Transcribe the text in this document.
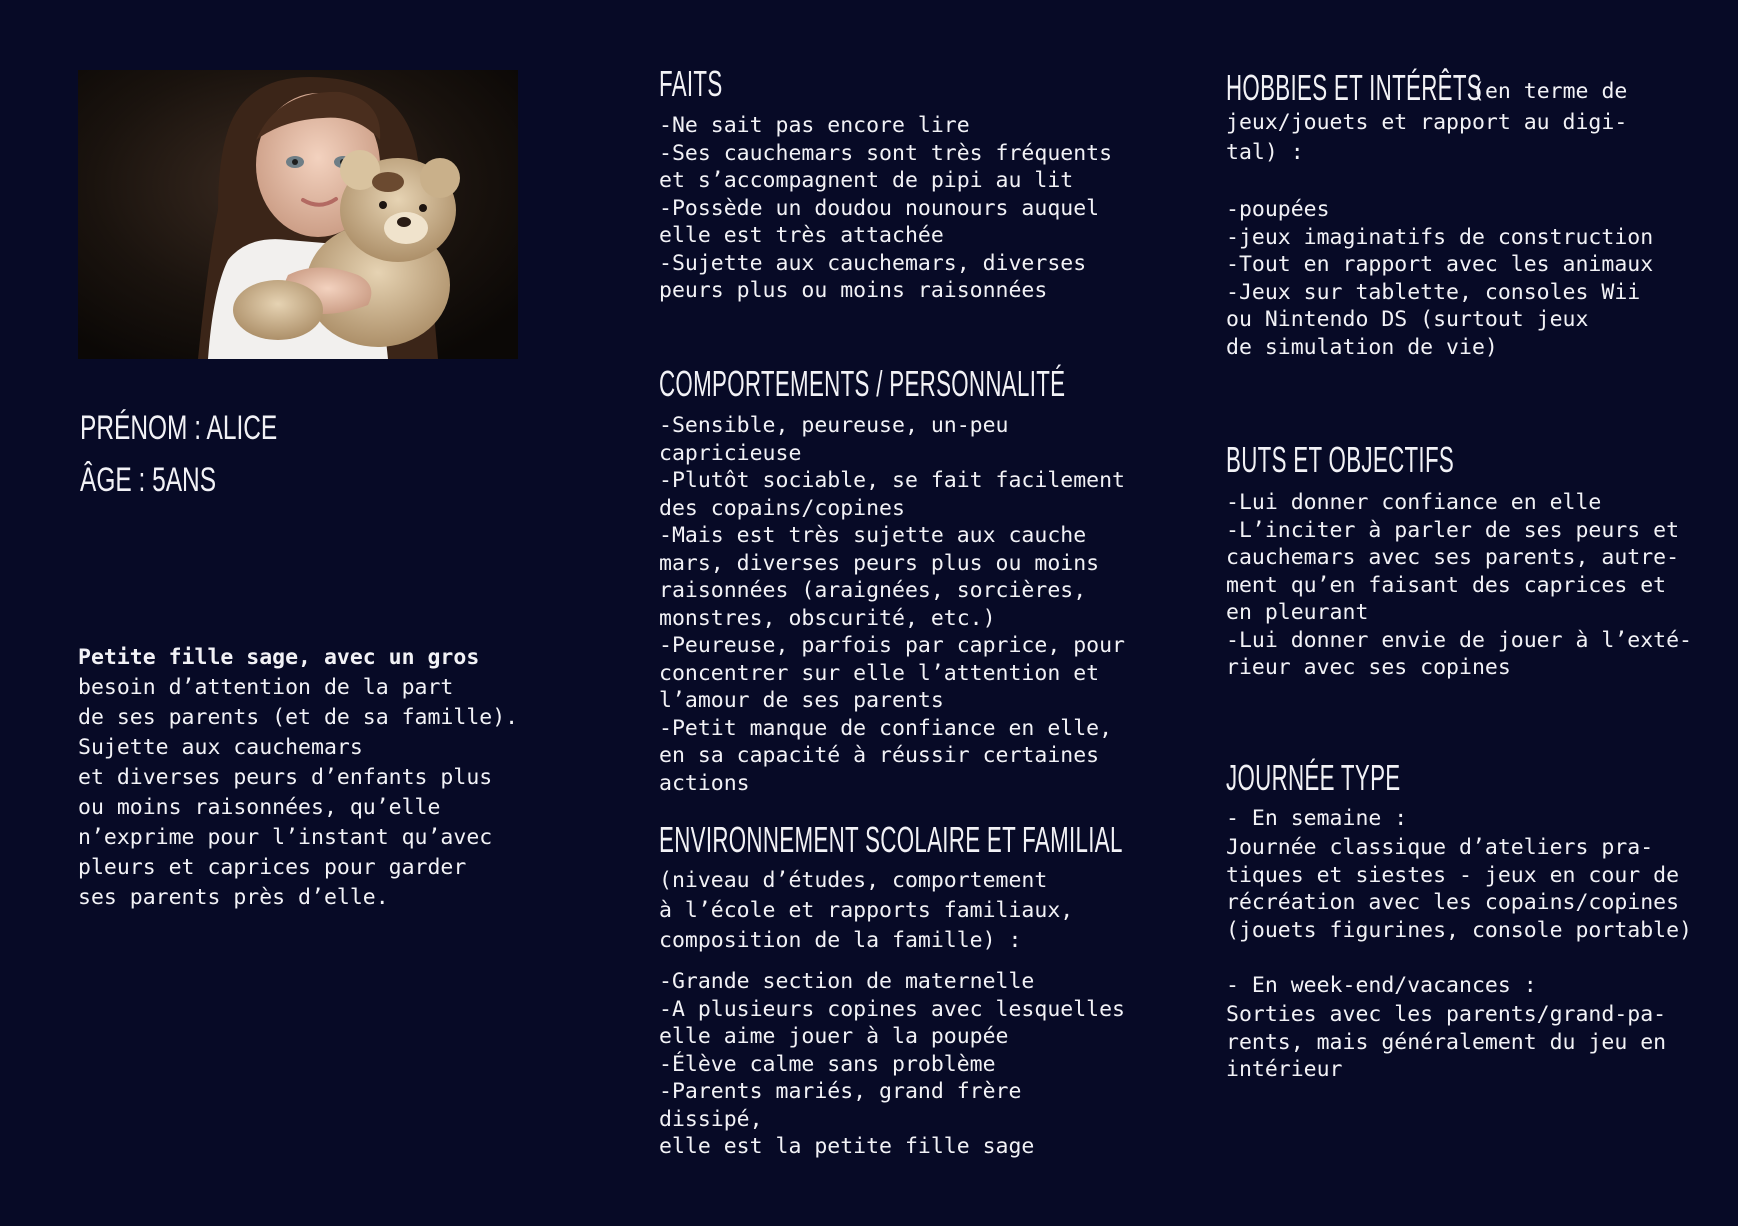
PRÉNOM : ALICE
ÂGE : 5ANS
Petite fille sage, avec un gros
besoin d’attention de la part
de ses parents (et de sa famille).
Sujette aux cauchemars
et diverses peurs d’enfants plus
ou moins raisonnées, qu’elle
n’exprime pour l’instant qu’avec
pleurs et caprices pour garder
ses parents près d’elle.
FAITS
-Ne sait pas encore lire
-Ses cauchemars sont très fréquents
et s’accompagnent de pipi au lit
-Possède un doudou nounours auquel
elle est très attachée
-Sujette aux cauchemars, diverses
peurs plus ou moins raisonnées
COMPORTEMENTS / PERSONNALITÉ
-Sensible, peureuse, un-peu capricieuse
-Plutôt sociable, se fait facilement
des copains/copines
-Mais est très sujette aux cauche
mars, diverses peurs plus ou moins
raisonnées (araignées, sorcières,
monstres, obscurité, etc.)
-Peureuse, parfois par caprice, pour
concentrer sur elle l’attention et
l’amour de ses parents
-Petit manque de confiance en elle,
en sa capacité à réussir certaines
actions
ENVIRONNEMENT SCOLAIRE ET FAMILIAL
(niveau d’études, comportement
à l’école et rapports familiaux,
composition de la famille) :
-Grande section de maternelle
-A plusieurs copines avec lesquelles
elle aime jouer à la poupée
-Élève calme sans problème
-Parents mariés, grand frère dissipé,
elle est la petite fille sage
HOBBIES ET INTÉRÊTS
(en terme de
jeux/jouets et rapport au digi-
tal) :
-poupées
-jeux imaginatifs de construction
-Tout en rapport avec les animaux
-Jeux sur tablette, consoles Wii
ou Nintendo DS (surtout jeux
de simulation de vie)
BUTS ET OBJECTIFS
-Lui donner confiance en elle
-L’inciter à parler de ses peurs et
cauchemars avec ses parents, autre-
ment qu’en faisant des caprices et
en pleurant
-Lui donner envie de jouer à l’exté-
rieur avec ses copines
JOURNÉE TYPE
- En semaine :
Journée classique d’ateliers pra-
tiques et siestes - jeux en cour de
récréation avec les copains/copines
(jouets figurines, console portable)
- En week-end/vacances :
Sorties avec les parents/grand-pa-
rents, mais généralement du jeu en
intérieur
